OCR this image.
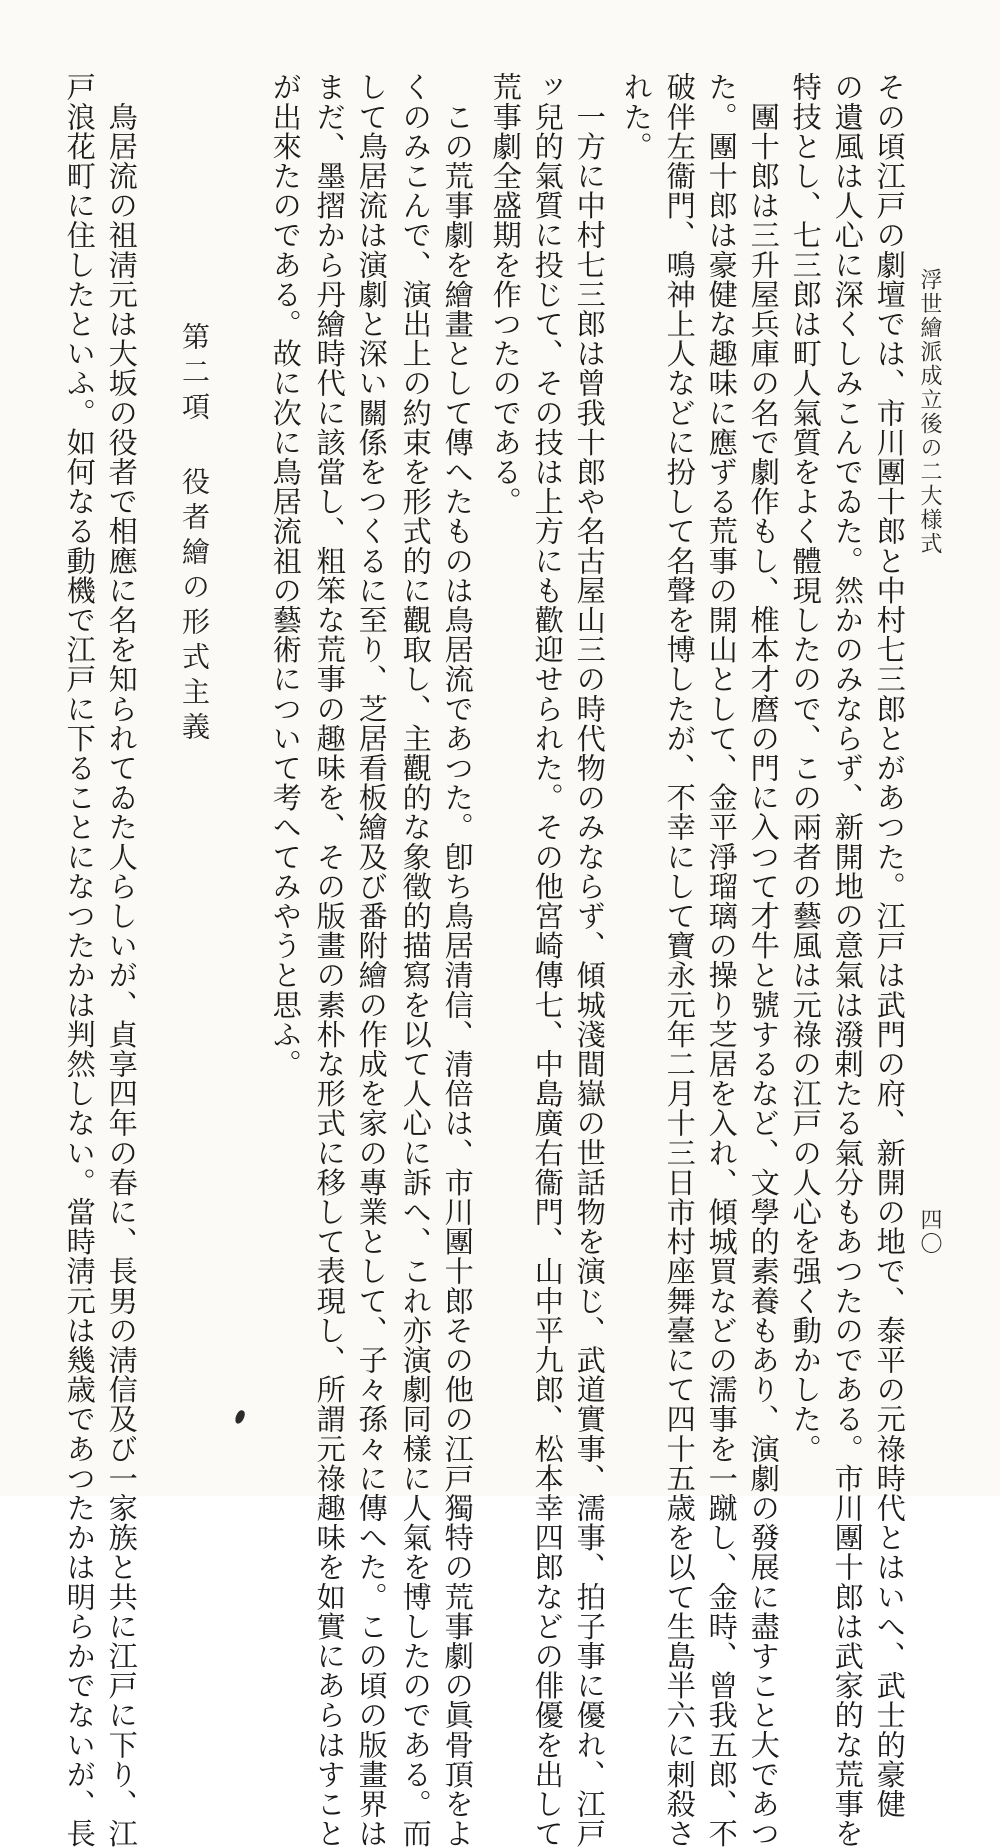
浮世繪派成立後の二大様式
四〇
その頃江戸の劇壇では、市川團十郎と中村七三郎とがあつた。江戸は武門の府、新開の地で、泰平の元祿時代とはいへ、武士的豪健
の遺風は人心に深くしみこんでゐた。然かのみならず、新開地の意氣は潑剌たる氣分もあつたのである。市川團十郎は武家的な荒事を
特技とし、七三郎は町人氣質をよく體現したので、この兩者の藝風は元祿の江戸の人心を强く動かした。
　團十郎は三升屋兵庫の名で劇作もし、椎本才麿の門に入つて才牛と號するなど、文學的素養もあり、演劇の發展に盡すこと大であつ
た。團十郎は豪健な趣味に應ずる荒事の開山として、金平淨瑠璃の操り芝居を入れ、傾城買などの濡事を一蹴し、金時、曾我五郎、不
破伴左衞門、鳴神上人などに扮して名聲を博したが、不幸にして寶永元年二月十三日市村座舞臺にて四十五歳を以て生島半六に刺殺さ
れた。
　一方に中村七三郎は曾我十郎や名古屋山三の時代物のみならず、傾城淺間嶽の世話物を演じ、武道實事、濡事、拍子事に優れ、江戸
ッ兒的氣質に投じて、その技は上方にも歡迎せられた。その他宮崎傳七、中島廣右衞門、山中平九郎、松本幸四郎などの俳優を出して
荒事劇全盛期を作つたのである。
　この荒事劇を繪畫として傳へたものは鳥居流であつた。卽ち鳥居清信、清倍は、市川團十郎その他の江戸獨特の荒事劇の眞骨頂をよ
くのみこんで、演出上の約束を形式的に觀取し、主觀的な象徵的描寫を以て人心に訴へ、これ亦演劇同樣に人氣を博したのである。而
して鳥居流は演劇と深い關係をつくるに至り、芝居看板繪及び番附繪の作成を家の專業として、子々孫々に傳へた。この頃の版畫界は
まだ、墨摺から丹繪時代に該當し、粗笨な荒事の趣味を、その版畫の素朴な形式に移して表現し、所謂元祿趣味を如實にあらはすこと
が出來たのである。故に次に鳥居流祖の藝術について考へてみやうと思ふ。
第二項役者繪の形式主義
　鳥居流の祖淸元は大坂の役者で相應に名を知られてゐた人らしいが、貞享四年の春に、長男の淸信及び一家族と共に江戸に下り、江
戸浪花町に住したといふ。如何なる動機で江戸に下ることになつたかは判然しない。當時淸元は幾歳であつたかは明らかでないが、長
